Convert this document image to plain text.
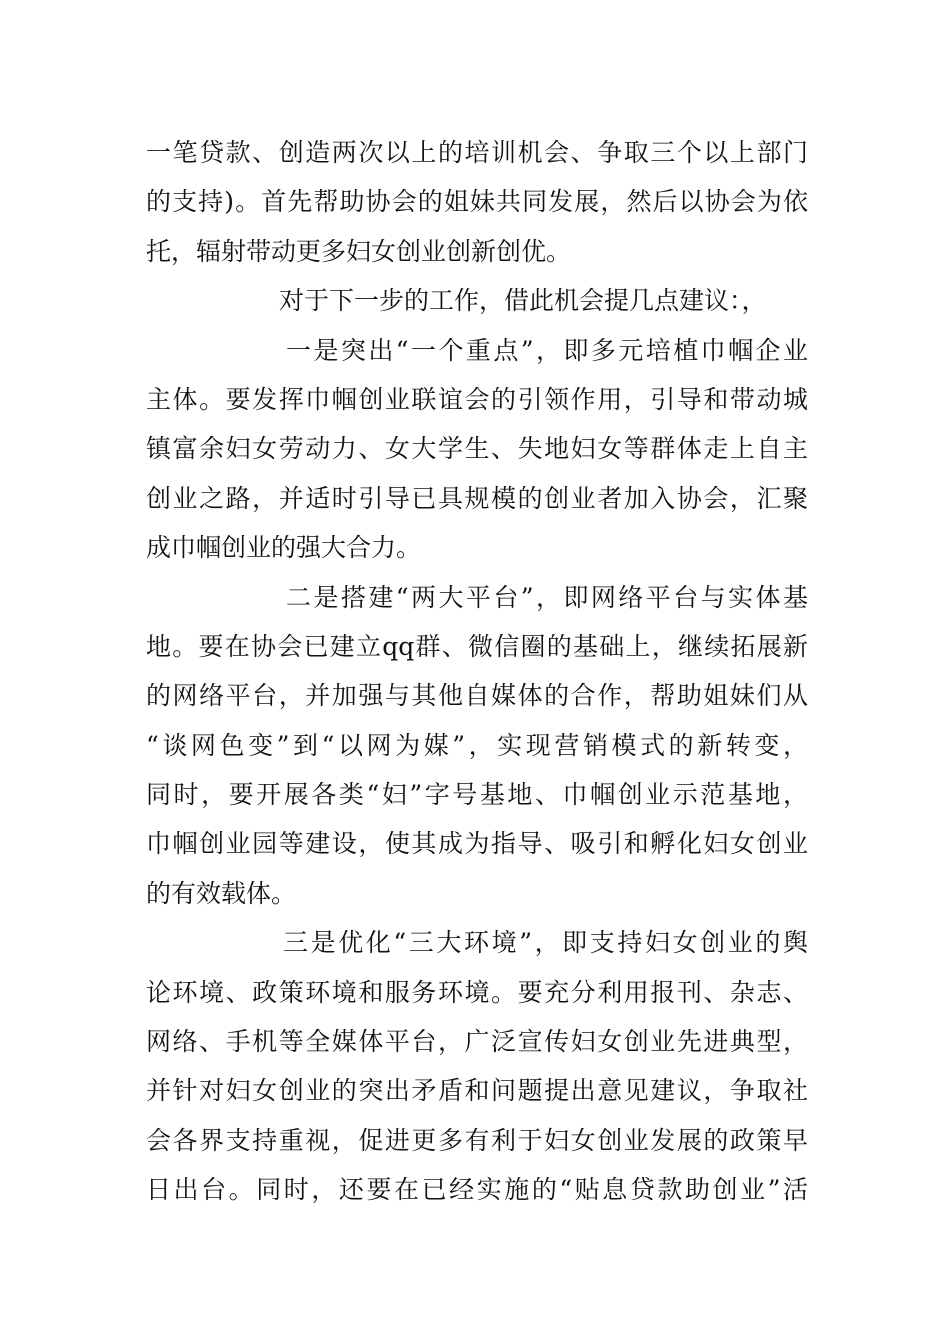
一笔贷款、创造两次以上的培训机会、争取三个以上部门
的支持)。首先帮助协会的姐妹共同发展，然后以协会为依
托，辐射带动更多妇女创业创新创优。
对于下一步的工作，借此机会提几点建议：，
一是突出“一个重点”，即多元培植巾帼企业
主体。要发挥巾帼创业联谊会的引领作用，引导和带动城
镇富余妇女劳动力、女大学生、失地妇女等群体走上自主
创业之路，并适时引导已具规模的创业者加入协会，汇聚
成巾帼创业的强大合力。
二是搭建“两大平台”，即网络平台与实体基
地。要在协会已建立qq群、微信圈的基础上，继续拓展新
的网络平台，并加强与其他自媒体的合作，帮助姐妹们从
“谈网色变”到“以网为媒”，实现营销模式的新转变，
同时，要开展各类“妇”字号基地、巾帼创业示范基地，
巾帼创业园等建设，使其成为指导、吸引和孵化妇女创业
的有效载体。
三是优化“三大环境”，即支持妇女创业的舆
论环境、政策环境和服务环境。要充分利用报刊、杂志、
网络、手机等全媒体平台，广泛宣传妇女创业先进典型，
并针对妇女创业的突出矛盾和问题提出意见建议，争取社
会各界支持重视，促进更多有利于妇女创业发展的政策早
日出台。同时，还要在已经实施的“贴息贷款助创业”活
